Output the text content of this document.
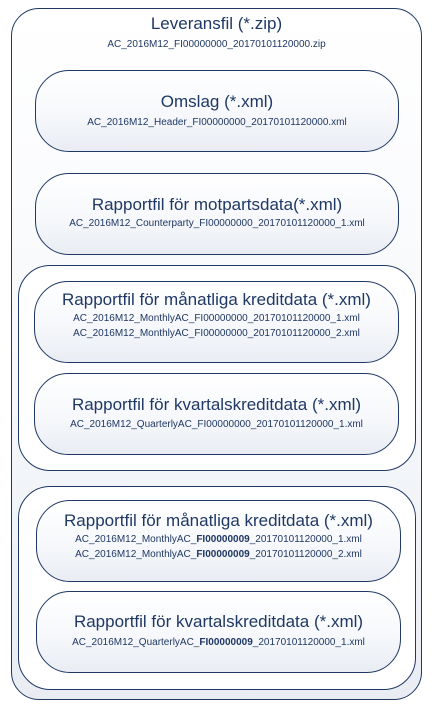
Leveransfil (*.zip)
AC_2016M12_FI00000000_20170101120000.zip
Omslag (*.xml)
AC_2016M12_Header_FI00000000_20170101120000.xml
Rapportfil för motpartsdata(*.xml)
AC_2016M12_Counterparty_FI00000000_20170101120000_1.xml
Rapportfil för månatliga kreditdata (*.xml)
AC_2016M12_MonthlyAC_FI00000000_20170101120000_1.xml
AC_2016M12_MonthlyAC_FI00000000_20170101120000_2.xml
Rapportfil för kvartalskreditdata (*.xml)
AC_2016M12_QuarterlyAC_FI00000000_20170101120000_1.xml
Rapportfil för månatliga kreditdata (*.xml)
AC_2016M12_MonthlyAC_FI00000009_20170101120000_1.xml
AC_2016M12_MonthlyAC_FI00000009_20170101120000_2.xml
Rapportfil för kvartalskreditdata (*.xml)
AC_2016M12_QuarterlyAC_FI00000009_20170101120000_1.xml
